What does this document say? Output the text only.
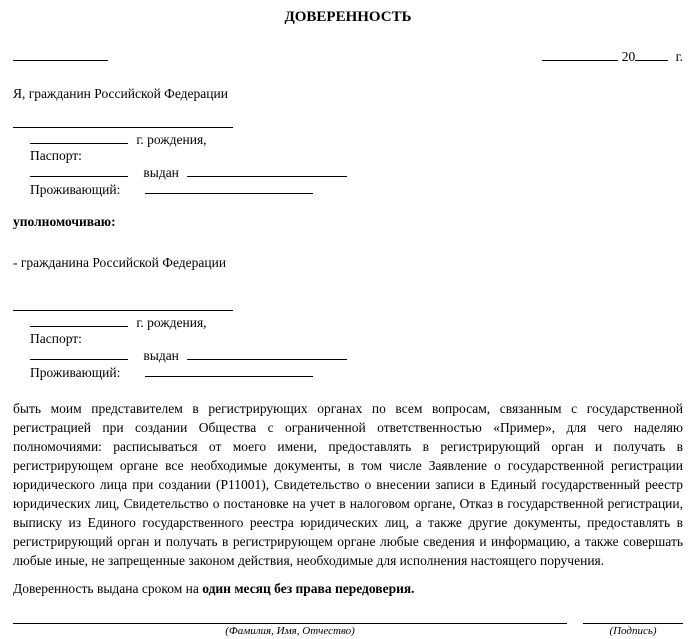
ДОВЕРЕННОСТЬ
20	г.
Я, гражданин Российской Федерации
г. рождения,
Паспорт:
выдан
Проживающий:
уполномочиваю:
- гражданина Российской Федерации
г. рождения,
Паспорт:
выдан
Проживающий:
быть моим представителем в регистрирующих органах по всем вопросам, связанным с государственной регистрацией при создании Общества с ограниченной ответственностью «Пример», для чего наделяю полномочиями: расписываться от моего имени, предоставлять в регистрирующий орган и получать в регистрирующем органе все необходимые документы, в том числе Заявление о государственной регистрации юридического лица при создании (Р11001), Свидетельство о внесении записи в Единый государственный реестр юридических лиц, Свидетельство о постановке на учет в налоговом органе, Отказ в государственной регистрации, выписку из Единого государственного реестра юридических лиц, а также другие документы, предоставлять в регистрирующий орган и получать в регистрирующем органе любые сведения и информацию, а также совершать любые иные, не запрещенные законом действия, необходимые для исполнения настоящего поручения.
Доверенность выдана сроком на один месяц без права передоверия.
(Фамилия, Имя, Отчество)	(Подпись)
